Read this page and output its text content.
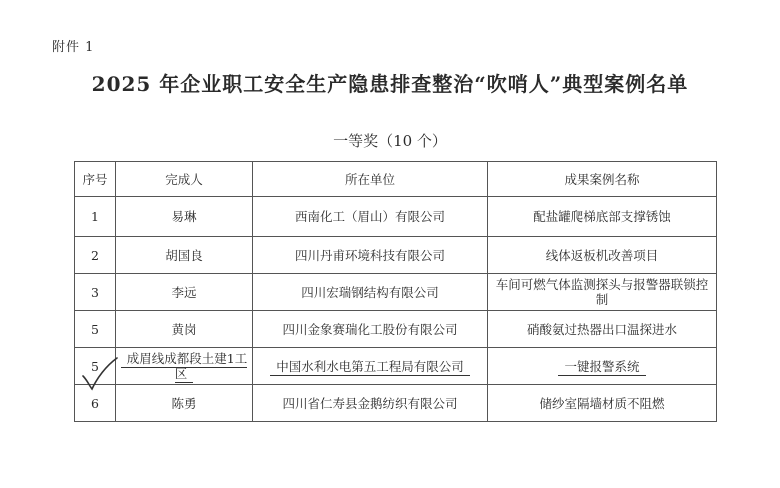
附件 1
2025 年企业职工安全生产隐患排查整治“吹哨人”典型案例名单
一等奖（10 个）
序号	完成人	所在单位	成果案例名称
1	易琳	西南化工（眉山）有限公司	配盐罐爬梯底部支撑锈蚀
2	胡国良	四川丹甫环境科技有限公司	线体返板机改善项目
3	李远	四川宏瑞钢结构有限公司	车间可燃气体监测探头与报警器联锁控制
5	黄岗	四川金象赛瑞化工股份有限公司	硝酸氨过热器出口温探进水
5	成眉线成都段土建1工区	中国水利水电第五工程局有限公司	一键报警系统
6	陈勇	四川省仁寿县金鹅纺织有限公司	储纱室隔墙材质不阻燃
